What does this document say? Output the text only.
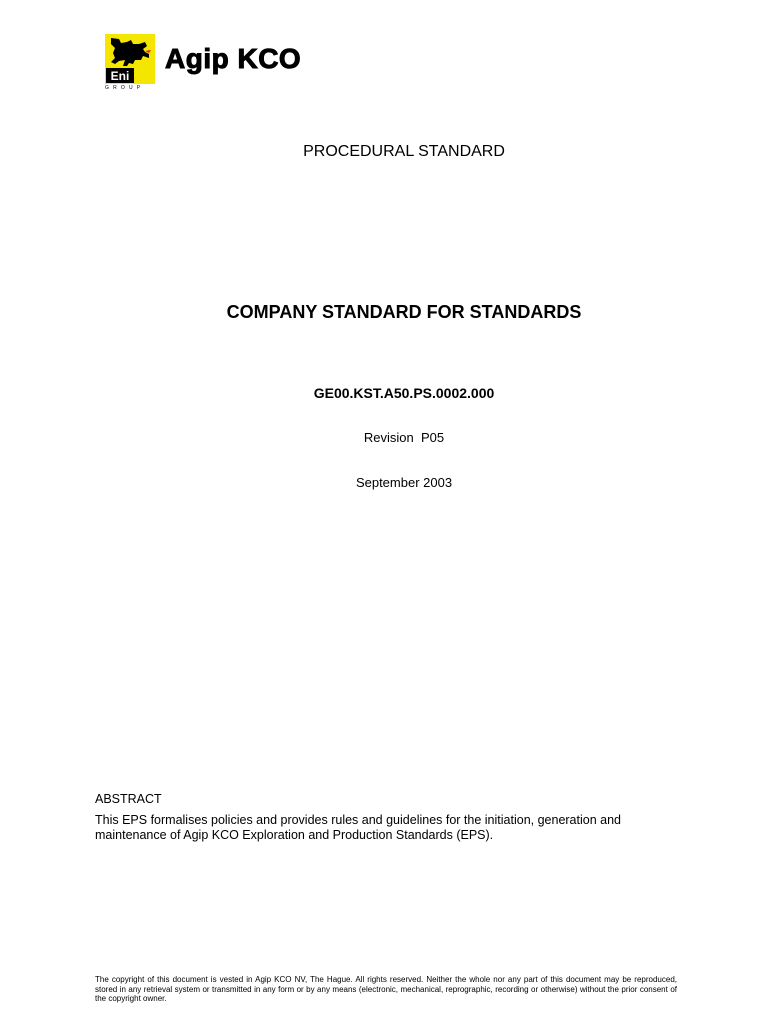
Eni
GROUP
Agip KCO
PROCEDURAL STANDARD
COMPANY STANDARD FOR STANDARDS
GE00.KST.A50.PS.0002.000
Revision  P05
September 2003
ABSTRACT
This EPS formalises policies and provides rules and guidelines for the initiation, generation and maintenance of Agip KCO Exploration and Production Standards (EPS).
The copyright of this document is vested in Agip KCO NV, The Hague. All rights reserved. Neither the whole nor any part of this document may be reproduced, stored in any retrieval system or transmitted in any form or by any means (electronic, mechanical, reprographic, recording or otherwise) without the prior consent of the copyright owner.
